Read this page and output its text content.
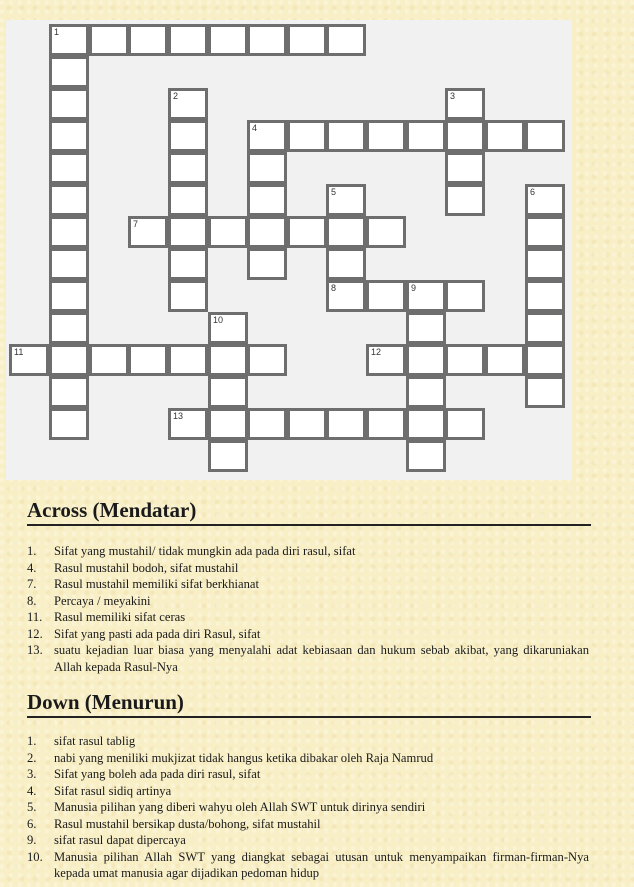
1
2	3
4
5
8
6
7
9
10
11	12
13
Across (Mendatar)
1.	Sifat yang mustahil/ tidak mungkin ada pada diri rasul, sifat
4.	Rasul mustahil bodoh, sifat mustahil
7.	Rasul mustahil memiliki sifat berkhianat
8.	Percaya / meyakini
11. Rasul memiliki sifat ceras
12. Sifat yang pasti ada pada diri Rasul, sifat
13. suatu kejadian luar biasa yang menyalahi adat kebiasaan dan hukum sebab akibat, yang dikaruniakan Allah kepada Rasul-Nya
Down (Menurun)
1.	sifat rasul tablig
2.	nabi yang meniliki mukjizat tidak hangus ketika dibakar oleh Raja Namrud
3.	Sifat yang boleh ada pada diri rasul, sifat
4.	Sifat rasul sidiq artinya
5.	Manusia pilihan yang diberi wahyu oleh Allah SWT untuk dirinya sendiri
6.	Rasul mustahil bersikap dusta/bohong, sifat mustahil
9.	sifat rasul dapat dipercaya
10. Manusia pilihan Allah SWT yang diangkat sebagai utusan untuk menyampaikan firman-firman-Nya kepada umat manusia agar dijadikan pedoman hidup
